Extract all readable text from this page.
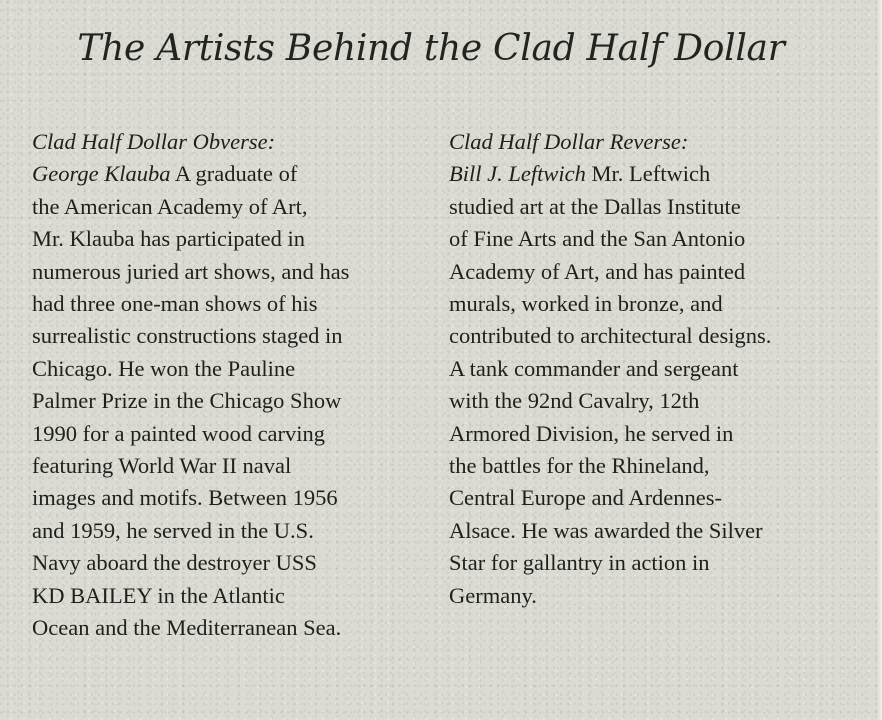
The Artists Behind the Clad Half Dollar
Clad Half Dollar Obverse:
George Klauba A graduate of
the American Academy of Art,
Mr. Klauba has participated in
numerous juried art shows, and has
had three one-man shows of his
surrealistic constructions staged in
Chicago. He won the Pauline
Palmer Prize in the Chicago Show
1990 for a painted wood carving
featuring World War II naval
images and motifs. Between 1956
and 1959, he served in the U.S.
Navy aboard the destroyer USS
KD BAILEY in the Atlantic
Ocean and the Mediterranean Sea.
Clad Half Dollar Reverse:
Bill J. Leftwich Mr. Leftwich
studied art at the Dallas Institute
of Fine Arts and the San Antonio
Academy of Art, and has painted
murals, worked in bronze, and
contributed to architectural designs.
A tank commander and sergeant
with the 92nd Cavalry, 12th
Armored Division, he served in
the battles for the Rhineland,
Central Europe and Ardennes-
Alsace. He was awarded the Silver
Star for gallantry in action in
Germany.
